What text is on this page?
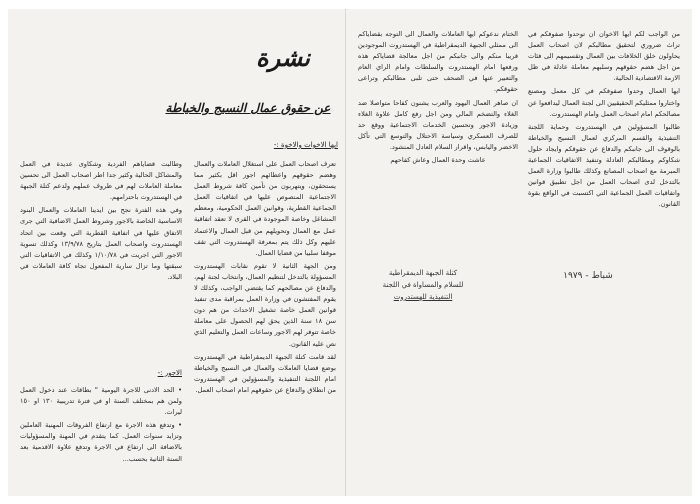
من الواجب لكم ايها الاخوان ان توحدوا صفوفكم في تراث ضروري لتحقيق مطالبكم لان اصحاب العمل يحاولون خلق الخلافات بين العمال وتقسيمهم الى فئات من اجل هضم حقوقهم وسلبهم معاملة عادلة في ظل الازمة الاقتصادية الحالية.

ايها العمال وحدوا صفوفكم في كل معمل ومصنع واختاروا ممثليكم الحقيقيين الى لجنة العمال ليدافعوا عن مصالحكم امام اصحاب العمل وامام الهستدروت.

طالبوا المسؤولين في الهستدروت وحماية اللجنة التنفيذية والقسم المركزي لعمال النسيج والخياطة بالوقوف الى جانبكم والدفاع عن حقوقكم وايجاد حلول شكاوكم ومطالبكم العادلة وتنفيذ الاتفاقيات الجماعية المبرمة مع اصحاب المصانع وكذلك طالبوا وزارة العمل بالتدخل لدى اصحاب العمل من اجل تطبيق قوانين واتفاقيات العمل الجماعية التي اكتسبت في الواقع بقوة القانون.

الختام ندعوكم ايها العاملات والعمال الى التوجه بقضاياكم الى ممثلي الجبهة الديمقراطية في الهستدروت الموجودين قريبا منكم والى جانبكم من اجل معالجة قضاياكم هذه ورفعها امام الهستدروت والسلطات وامام الراي العام والتعبير عنها في الصحف حتى تلبى مطالبكم وتراعى حقوقكم.

ان صاهر العمال اليهود والعرب يشنون كفاحا متواصلا ضد الغلاء والتضخم المالي ومن اجل رفع كامل علاوة الغلاء وزيادة الاجور وتحسين الخدمات الاجتماعية ووقع حد للصرف العسكري وسياسة الاحتلال والتوسع التي تأكل الاخضر واليابس، واقرار السلام العادل المنشود.

عاشت وحدة العمال وعاش كفاحهم

كتلة الجبهة الديمقراطية
للسلام والمساواة في اللجنة
التنفيذية للهستدروت
شباط - ١٩٧٩
نشرة
عن حقوق عمال النسيج والخياطة
ايها الاخوات والاخوة :-

تعرف اصحاب العمل على استغلال العاملات والعمال وهضم حقوقهم واعطائهم اجور اقل بكثير مما يستحقون، ويتهربون من تأمين كافة شروط العمل الاجتماعية المنصوص عليها في اتفاقيات العمل الجماعية القطرية، وقوانين العمل الحكومية، ومعظم المشاغل وخاصة الموجودة في القرى لا تعقد اتفاقية عمل مع العمال وتحويلهم من قبل العمال والاعتماد عليهم وكل ذلك يتم بمعرفة الهستدروت التي تقف موقفا سلبيا من قضايا العمال.

ومن الجهة الثانية لا تقوم نقابات الهستدروت المسؤولة بالتدخل لتنظيم العمال، وانتخاب لجنة لهم، والدفاع عن مصالحهم كما يقتضي الواجب، وكذلك لا يقوم المفتشون في وزارة العمل بمراقبة مدى تنفيذ قوانين العمل خاصة تشغيل الاحداث من هم دون سن ١٨ سنة الذين يحق لهم الحصول على معاملة خاصة تتوفر لهم الاجور وساعات العمل والتعليم الذي نص عليه القانون.

لقد قامت كتلة الجبهة الديمقراطية في الهستدروت بوضع قضايا العاملات والعمال في النسيج والخياطة امام اللجنة التنفيذية والمسؤولين في الهستدروت من انطلاق والدفاع عن حقوقهم امام اصحاب العمل.

وطالبت قضاياهم الفردية وشكاوى عديدة في العمل والمشاكل الحالية وكثير جدا اطر اصحاب العمل الى تحسين معاملة العاملات لهم في ظروف عملهم ولدعم كتلة الجبهة في الهستدروت باحترامهم.

وفي هذه الفترة نجح بين ايدينا العاملات والعمال البنود الاساسية الخاصة بالاجور وشروط العمل الاضافية التي جرى الاتفاق عليها في اتفاقية القطرية التي وقعت بين اتحاد الهستدروت واصحاب العمل بتاريخ ١٣/٩/٧٨ وكذلك تسوية الاجور التي اجريت في ١/١٠/٧٨ وكذلك في الاتفاقيات التي سبقتها وما تزال سارية المفعول تجاه كافة العاملات في البلاد.

الاجور :-

• الحد الادنى للاجرة اليومية " بطاقات عند دخول العمل ولمن هم بمختلف السنة او في فترة تدريبية ١٣٠ او ١٥٠ ليرات.

• وتدفع هذه الاجرة مع ارتفاع الفروقات المهنية العاملين وتزايد سنوات العمل. كما يتقدم في المهنة والمسؤوليات بالاضافة الى ارتفاع في الاجرة وتدفع علاوة الاقدمية بعد السنة الثانية بحسب...
